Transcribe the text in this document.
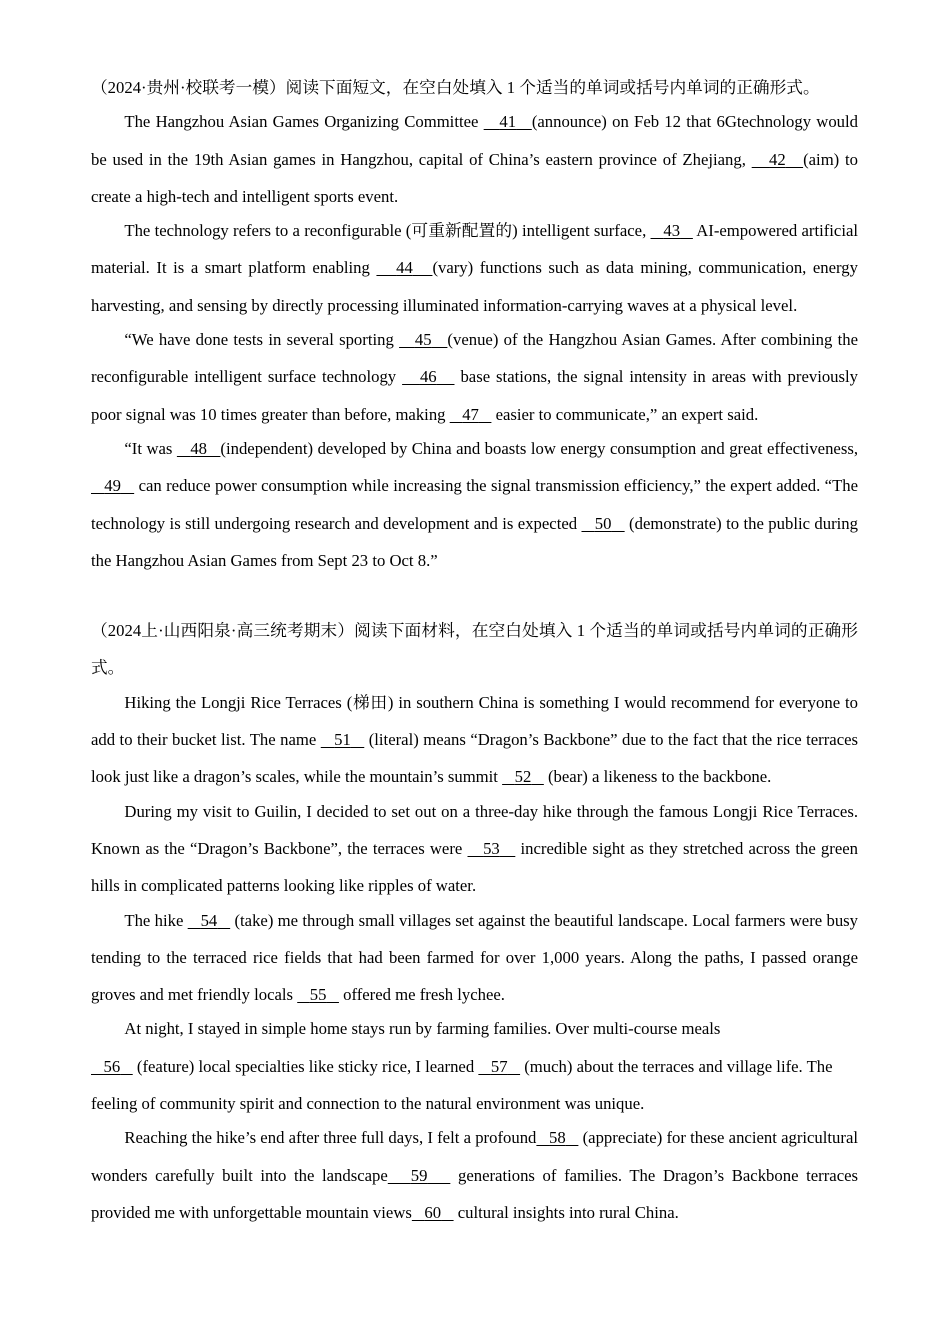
（2024·贵州·校联考一模）阅读下面短文，在空白处填入 1 个适当的单词或括号内单词的正确形式。

The Hangzhou Asian Games Organizing Committee 41 (announce) on Feb 12 that 6Gtechnology would be used in the 19th Asian games in Hangzhou, capital of China’s eastern province of Zhejiang, 42 (aim) to create a high-tech and intelligent sports event.

The technology refers to a reconfigurable (可重新配置的) intelligent surface, 43 AI-empowered artificial material. It is a smart platform enabling 44 (vary) functions such as data mining, communication, energy harvesting, and sensing by directly processing illuminated information-carrying waves at a physical level.

“We have done tests in several sporting 45 (venue) of the Hangzhou Asian Games. After combining the reconfigurable intelligent surface technology 46 base stations, the signal intensity in areas with previously poor signal was 10 times greater than before, making 47 easier to communicate,” an expert said.

“It was 48 (independent) developed by China and boasts low energy consumption and great effectiveness, 49 can reduce power consumption while increasing the signal transmission efficiency,” the expert added. “The technology is still undergoing research and development and is expected 50 (demonstrate) to the public during the Hangzhou Asian Games from Sept 23 to Oct 8.”

（2024上·山西阳泉·高三统考期末）阅读下面材料，在空白处填入 1 个适当的单词或括号内单词的正确形式。

Hiking the Longji Rice Terraces (梯田) in southern China is something I would recommend for everyone to add to their bucket list. The name 51 (literal) means “Dragon’s Backbone” due to the fact that the rice terraces look just like a dragon’s scales, while the mountain’s summit 52 (bear) a likeness to the backbone.

During my visit to Guilin, I decided to set out on a three-day hike through the famous Longji Rice Terraces. Known as the “Dragon’s Backbone”, the terraces were 53 incredible sight as they stretched across the green hills in complicated patterns looking like ripples of water.

The hike 54 (take) me through small villages set against the beautiful landscape. Local farmers were busy tending to the terraced rice fields that had been farmed for over 1,000 years. Along the paths, I passed orange groves and met friendly locals 55 offered me fresh lychee.

At night, I stayed in simple home stays run by farming families. Over multi-course meals
56 (feature) local specialties like sticky rice, I learned 57 (much) about the terraces and village life. The feeling of community spirit and connection to the natural environment was unique.

Reaching the hike’s end after three full days, I felt a profound 58 (appreciate) for these ancient agricultural wonders carefully built into the landscape 59 generations of families. The Dragon’s Backbone terraces provided me with unforgettable mountain views 60 cultural insights into rural China.
